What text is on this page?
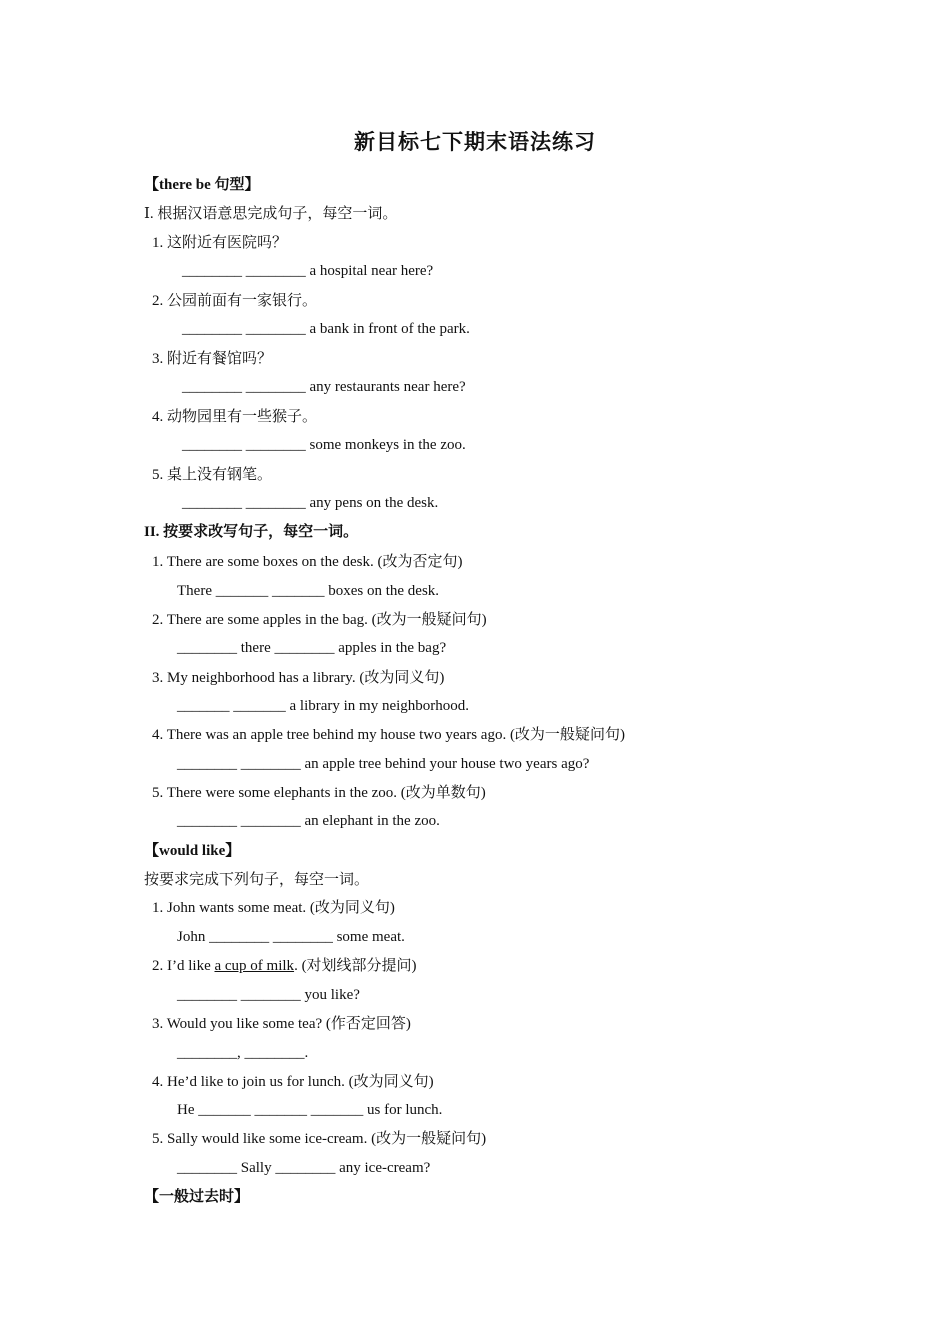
新目标七下期末语法练习
【there be 句型】
Ⅰ. 根据汉语意思完成句子，每空一词。
1. 这附近有医院吗？
________ ________ a hospital near here?
2. 公园前面有一家银行。
________ ________ a bank in front of the park.
3. 附近有餐馆吗？
________ ________ any restaurants near here?
4. 动物园里有一些猴子。
________ ________ some monkeys in the zoo.
5. 桌上没有钢笔。
________ ________ any pens on the desk.
II. 按要求改写句子，每空一词。
1. There are some boxes on the desk. (改为否定句)
There _______ _______ boxes on the desk.
2. There are some apples in the bag. (改为一般疑问句)
________ there ________ apples in the bag?
3. My neighborhood has a library. (改为同义句)
_______ _______ a library in my neighborhood.
4. There was an apple tree behind my house two years ago. (改为一般疑问句)
________ ________ an apple tree behind your house two years ago?
5. There were some elephants in the zoo. (改为单数句)
________ ________ an elephant in the zoo.
【would like】
按要求完成下列句子，每空一词。
1. John wants some meat. (改为同义句)
John ________ ________ some meat.
2. I’d like a cup of milk. (对划线部分提问)
________ ________ you like?
3. Would you like some tea? (作否定回答)
________, ________.
4. He’d like to join us for lunch. (改为同义句)
He _______ _______ _______ us for lunch.
5. Sally would like some ice-cream. (改为一般疑问句)
________ Sally ________ any ice-cream?
【一般过去时】
